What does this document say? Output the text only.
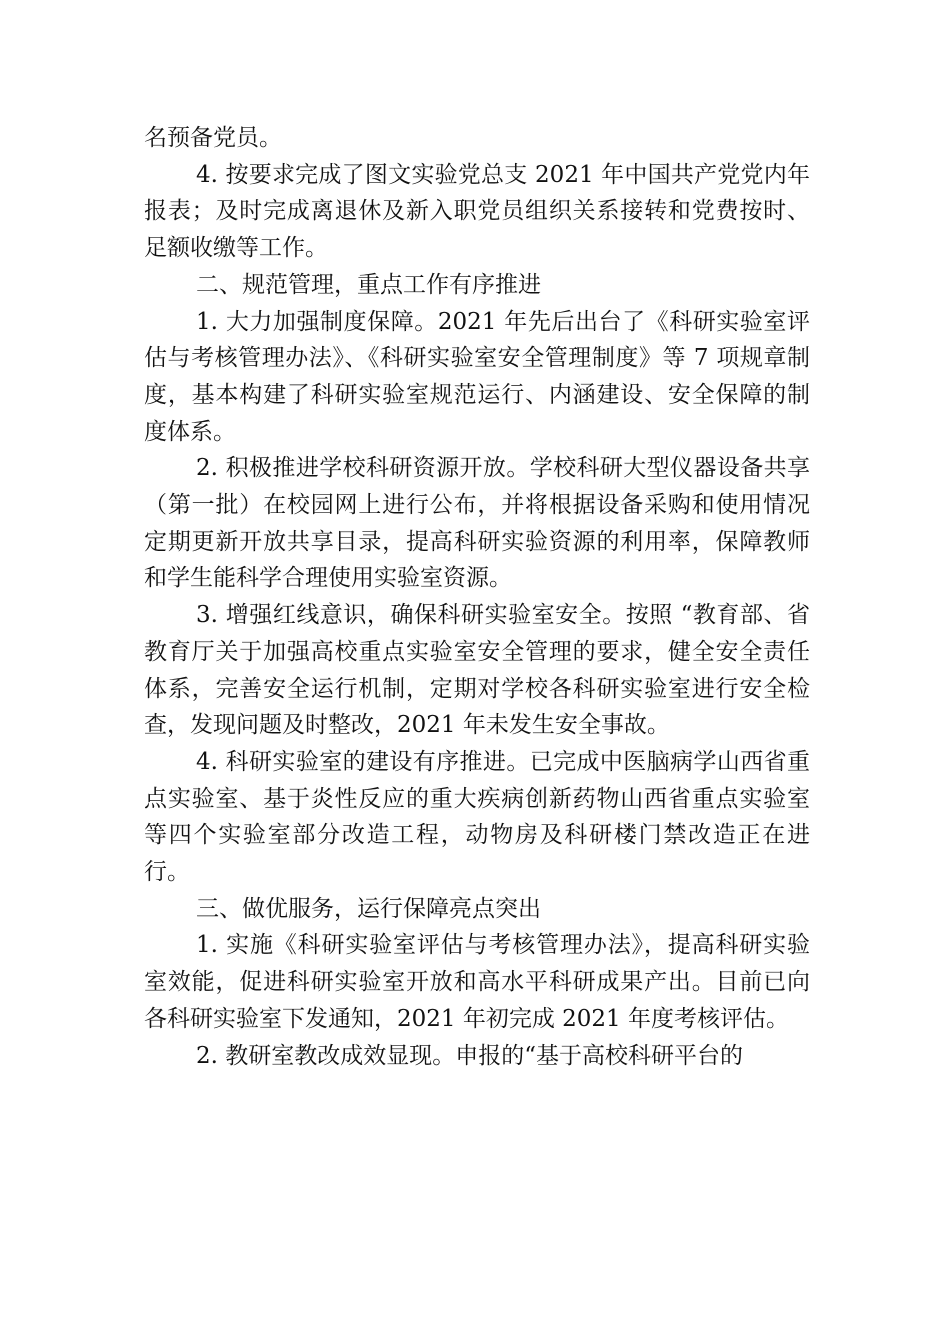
名预备党员。

4. 按要求完成了图文实验党总支 2021 年中国共产党党内年报表；及时完成离退休及新入职党员组织关系接转和党费按时、足额收缴等工作。

二、规范管理，重点工作有序推进

1. 大力加强制度保障。2021 年先后出台了《科研实验室评估与考核管理办法》、《科研实验室安全管理制度》等 7 项规章制度，基本构建了科研实验室规范运行、内涵建设、安全保障的制度体系。

2. 积极推进学校科研资源开放。学校科研大型仪器设备共享（第一批）在校园网上进行公布，并将根据设备采购和使用情况定期更新开放共享目录，提高科研实验资源的利用率，保障教师和学生能科学合理使用实验室资源。

3. 增强红线意识，确保科研实验室安全。按照 “教育部、省教育厅关于加强高校重点实验室安全管理的要求，健全安全责任体系，完善安全运行机制，定期对学校各科研实验室进行安全检查，发现问题及时整改，2021 年未发生安全事故。

4. 科研实验室的建设有序推进。已完成中医脑病学山西省重点实验室、基于炎性反应的重大疾病创新药物山西省重点实验室等四个实验室部分改造工程，动物房及科研楼门禁改造正在进行。

三、做优服务，运行保障亮点突出

1. 实施《科研实验室评估与考核管理办法》，提高科研实验室效能，促进科研实验室开放和高水平科研成果产出。目前已向各科研实验室下发通知，2021 年初完成 2021 年度考核评估。

2. 教研室教改成效显现。申报的“基于高校科研平台的
